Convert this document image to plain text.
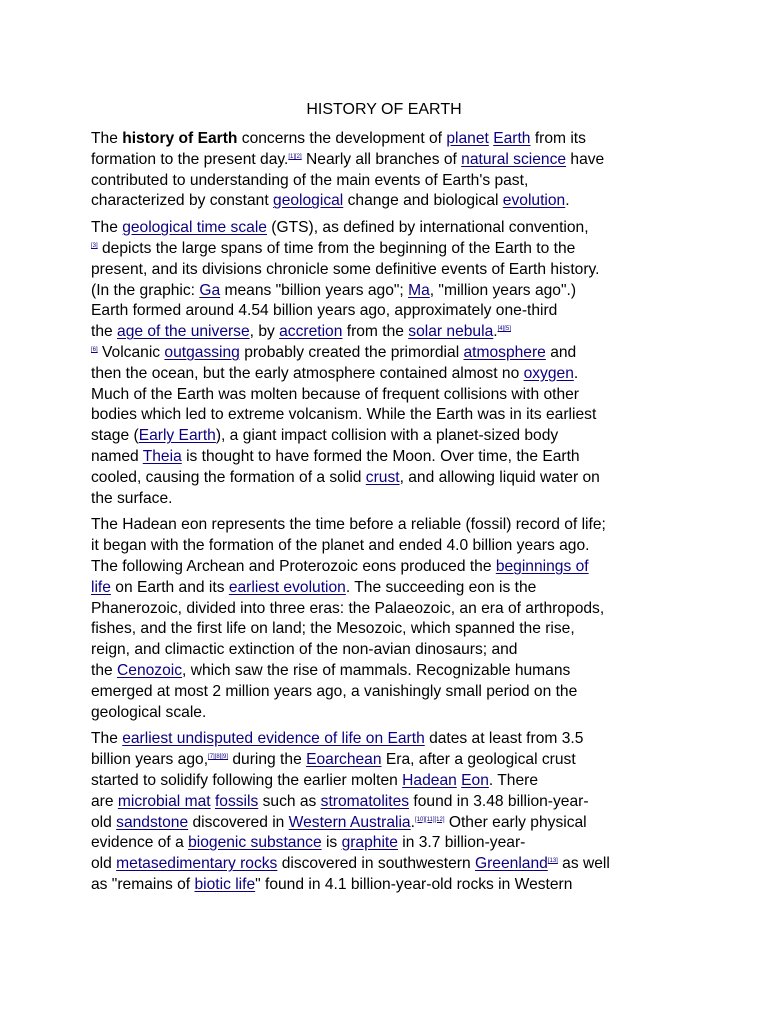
HISTORY OF EARTH

The history of Earth concerns the development of planet Earth from its
formation to the present day.[1][2] Nearly all branches of natural science have
contributed to understanding of the main events of Earth's past,
characterized by constant geological change and biological evolution.

The geological time scale (GTS), as defined by international convention,
[3] depicts the large spans of time from the beginning of the Earth to the
present, and its divisions chronicle some definitive events of Earth history.
(In the graphic: Ga means "billion years ago"; Ma, "million years ago".)
Earth formed around 4.54 billion years ago, approximately one-third
the age of the universe, by accretion from the solar nebula.[4][5]
[6] Volcanic outgassing probably created the primordial atmosphere and
then the ocean, but the early atmosphere contained almost no oxygen.
Much of the Earth was molten because of frequent collisions with other
bodies which led to extreme volcanism. While the Earth was in its earliest
stage (Early Earth), a giant impact collision with a planet-sized body
named Theia is thought to have formed the Moon. Over time, the Earth
cooled, causing the formation of a solid crust, and allowing liquid water on
the surface.

The Hadean eon represents the time before a reliable (fossil) record of life;
it began with the formation of the planet and ended 4.0 billion years ago.
The following Archean and Proterozoic eons produced the beginnings of
life on Earth and its earliest evolution. The succeeding eon is the
Phanerozoic, divided into three eras: the Palaeozoic, an era of arthropods,
fishes, and the first life on land; the Mesozoic, which spanned the rise,
reign, and climactic extinction of the non-avian dinosaurs; and
the Cenozoic, which saw the rise of mammals. Recognizable humans
emerged at most 2 million years ago, a vanishingly small period on the
geological scale.

The earliest undisputed evidence of life on Earth dates at least from 3.5
billion years ago,[7][8][9] during the Eoarchean Era, after a geological crust
started to solidify following the earlier molten Hadean Eon. There
are microbial mat fossils such as stromatolites found in 3.48 billion-year-
old sandstone discovered in Western Australia.[10][11][12] Other early physical
evidence of a biogenic substance is graphite in 3.7 billion-year-
old metasedimentary rocks discovered in southwestern Greenland[13] as well
as "remains of biotic life" found in 4.1 billion-year-old rocks in Western
